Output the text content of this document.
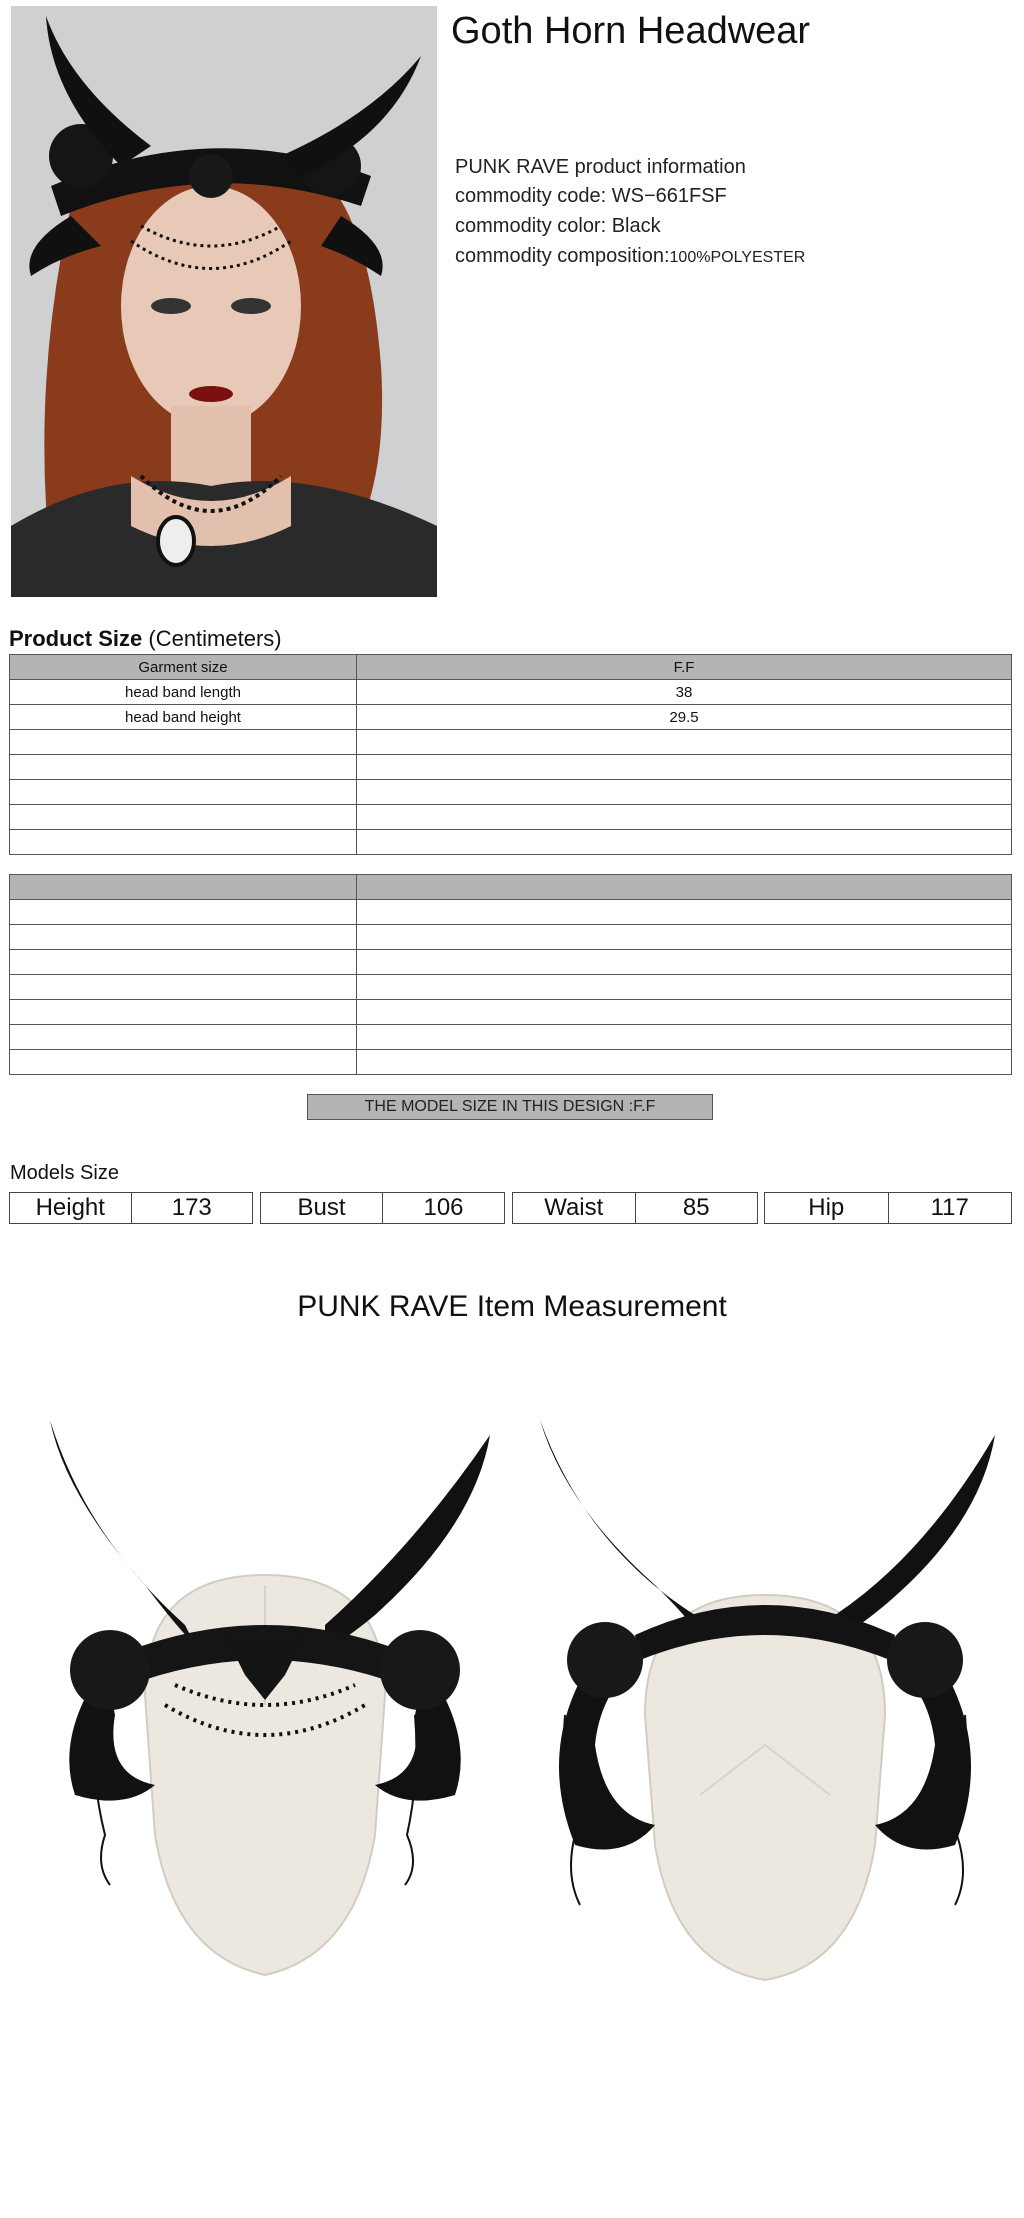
Goth Horn Headwear
PUNK RAVE product information
commodity code: WS−661FSF
commodity color: Black
commodity composition:100%POLYESTER
Product Size (Centimeters)
Garment size	F.F
head band length	38
head band height	29.5

THE MODEL SIZE IN THIS DESIGN :F.F
Models Size
Height	173	Bust	106	Waist	85	Hip	117
PUNK RAVE Item Measurement
